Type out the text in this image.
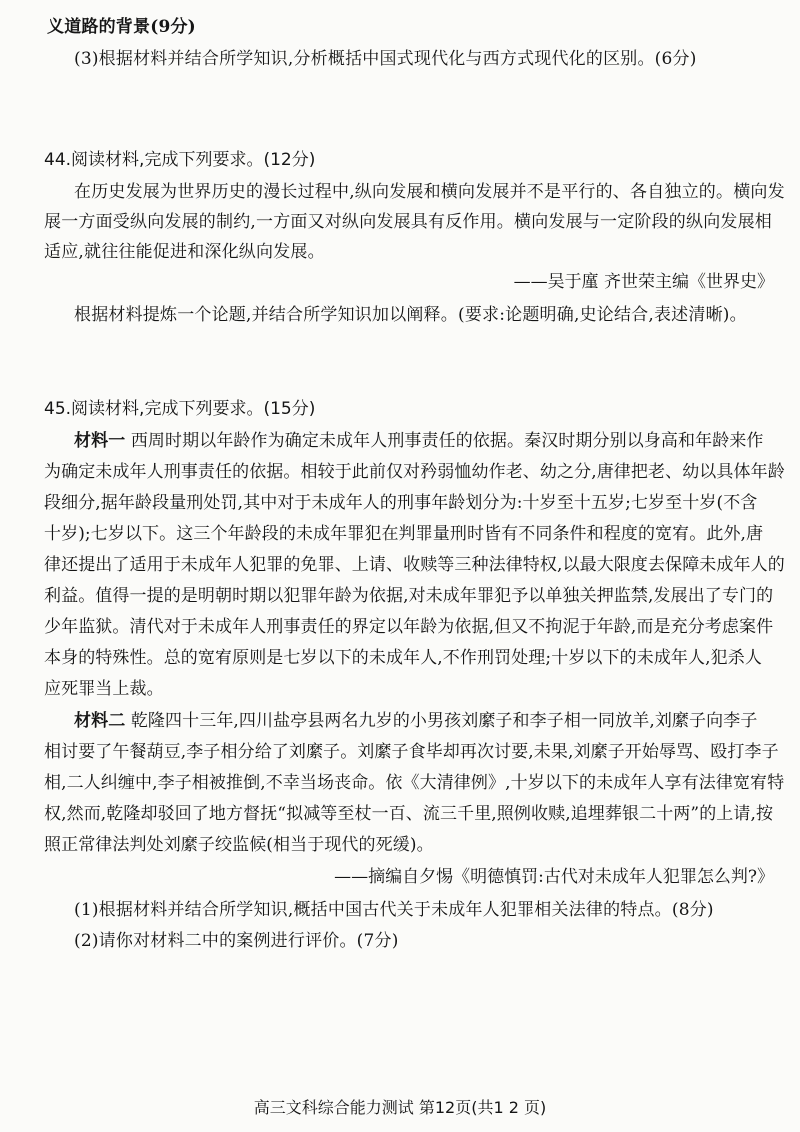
义道路的背景(9分)
(3)根据材料并结合所学知识,分析概括中国式现代化与西方式现代化的区别。(6分)
44.阅读材料,完成下列要求。(12分)
在历史发展为世界历史的漫长过程中,纵向发展和横向发展并不是平行的、各自独立的。横向发
展一方面受纵向发展的制约,一方面又对纵向发展具有反作用。横向发展与一定阶段的纵向发展相
适应,就往往能促进和深化纵向发展。
——吴于廑 齐世荣主编《世界史》
根据材料提炼一个论题,并结合所学知识加以阐释。(要求:论题明确,史论结合,表述清晰)。
45.阅读材料,完成下列要求。(15分)
材料一 西周时期以年龄作为确定未成年人刑事责任的依据。秦汉时期分别以身高和年龄来作
为确定未成年人刑事责任的依据。相较于此前仅对矜弱恤幼作老、幼之分,唐律把老、幼以具体年龄
段细分,据年龄段量刑处罚,其中对于未成年人的刑事年龄划分为:十岁至十五岁;七岁至十岁(不含
十岁);七岁以下。这三个年龄段的未成年罪犯在判罪量刑时皆有不同条件和程度的宽宥。此外,唐
律还提出了适用于未成年人犯罪的免罪、上请、收赎等三种法律特权,以最大限度去保障未成年人的
利益。值得一提的是明朝时期以犯罪年龄为依据,对未成年罪犯予以单独关押监禁,发展出了专门的
少年监狱。清代对于未成年人刑事责任的界定以年龄为依据,但又不拘泥于年龄,而是充分考虑案件
本身的特殊性。总的宽宥原则是七岁以下的未成年人,不作刑罚处理;十岁以下的未成年人,犯杀人
应死罪当上裁。
材料二 乾隆四十三年,四川盐亭县两名九岁的小男孩刘縻子和李子相一同放羊,刘縻子向李子
相讨要了午餐葫豆,李子相分给了刘縻子。刘縻子食毕却再次讨要,未果,刘縻子开始辱骂、殴打李子
相,二人纠缠中,李子相被推倒,不幸当场丧命。依《大清律例》,十岁以下的未成年人享有法律宽宥特
权,然而,乾隆却驳回了地方督抚“拟减等至杖一百、流三千里,照例收赎,追埋葬银二十两”的上请,按
照正常律法判处刘縻子绞监候(相当于现代的死缓)。
——摘编自夕惕《明德慎罚:古代对未成年人犯罪怎么判?》
(1)根据材料并结合所学知识,概括中国古代关于未成年人犯罪相关法律的特点。(8分)
(2)请你对材料二中的案例进行评价。(7分)
高三文科综合能力测试 第12页(共1 2 页)
